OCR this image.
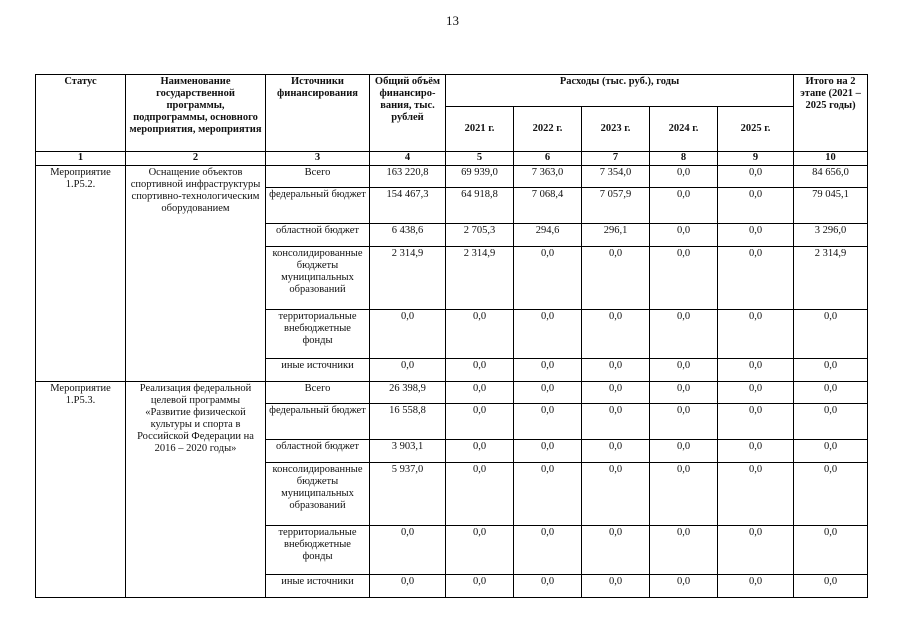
13
Статус	Наименование государственной программы, подпрограммы, основного мероприятия, мероприятия	Источники финансирования	Общий объём финансиро-вания, тыс. рублей	Расходы (тыс. руб.), годы					Итого на 2 этапе (2021 – 2025 годы)
				2021 г.	2022 г.	2023 г.	2024 г.	2025 г.	
1	2	3	4	5	6	7	8	9	10
Мероприятие 1.Р5.2.	Оснащение объектов спортивной инфраструктуры спортивно-технологическим оборудованием	Всего	163 220,8	69 939,0	7 363,0	7 354,0	0,0	0,0	84 656,0
		федеральный бюджет	154 467,3	64 918,8	7 068,4	7 057,9	0,0	0,0	79 045,1
		областной бюджет	6 438,6	2 705,3	294,6	296,1	0,0	0,0	3 296,0
		консолидированные бюджеты муниципальных образований	2 314,9	2 314,9	0,0	0,0	0,0	0,0	2 314,9
		территориальные внебюджетные фонды	0,0	0,0	0,0	0,0	0,0	0,0	0,0
		иные источники	0,0	0,0	0,0	0,0	0,0	0,0	0,0
Мероприятие 1.Р5.3.	Реализация федеральной целевой программы «Развитие физической культуры и спорта в Российской Федерации на 2016 – 2020 годы»	Всего	26 398,9	0,0	0,0	0,0	0,0	0,0	0,0
		федеральный бюджет	16 558,8	0,0	0,0	0,0	0,0	0,0	0,0
		областной бюджет	3 903,1	0,0	0,0	0,0	0,0	0,0	0,0
		консолидированные бюджеты муниципальных образований	5 937,0	0,0	0,0	0,0	0,0	0,0	0,0
		территориальные внебюджетные фонды	0,0	0,0	0,0	0,0	0,0	0,0	0,0
		иные источники	0,0	0,0	0,0	0,0	0,0	0,0	0,0
